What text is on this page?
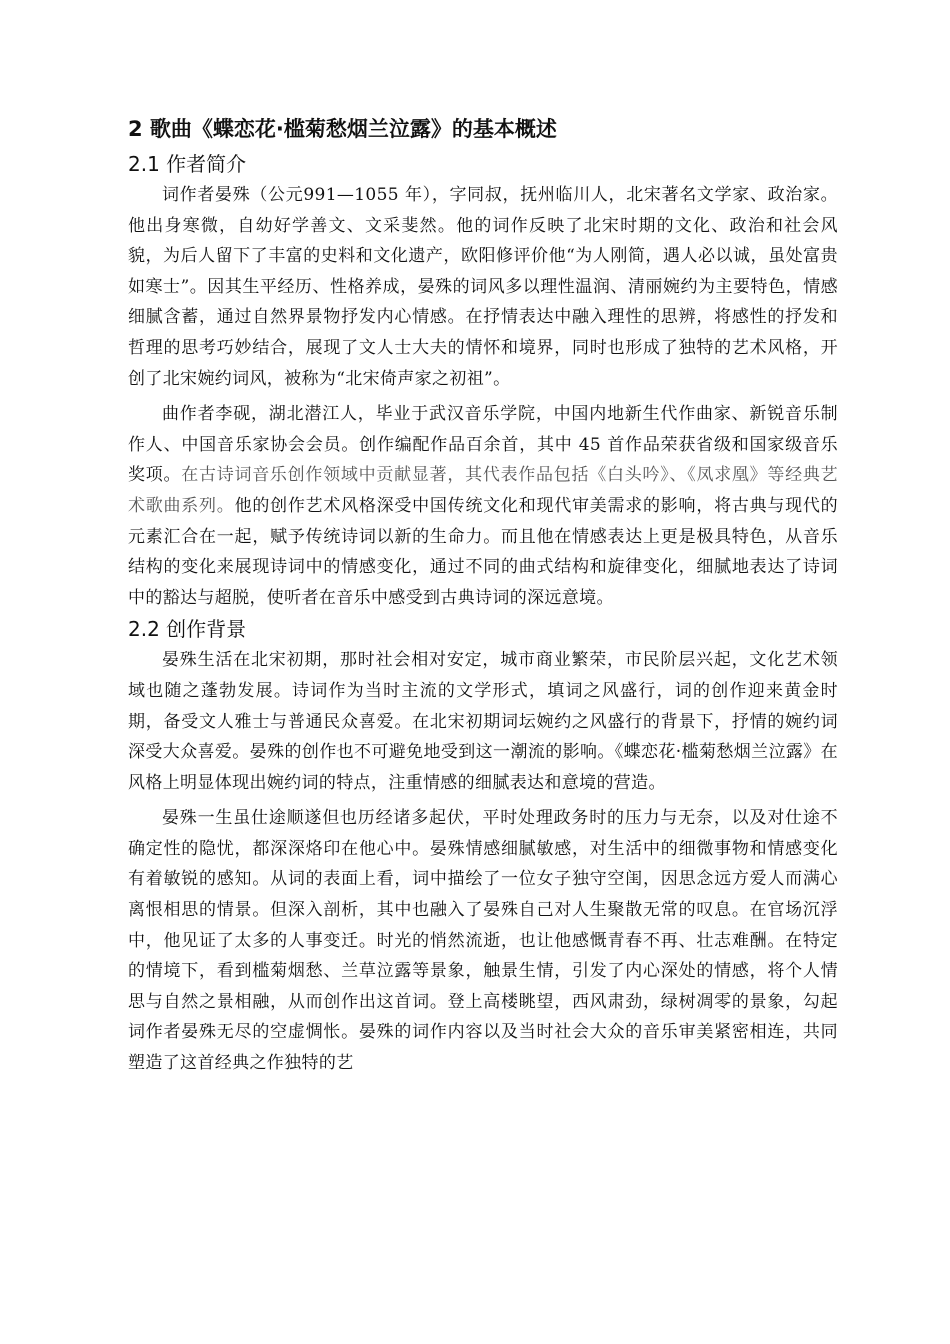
2 歌曲《蝶恋花·槛菊愁烟兰泣露》的基本概述
2.1 作者简介

词作者晏殊（公元991—1055 年），字同叔，抚州临川人，北宋著名文学家、政治家。他出身寒微，自幼好学善文、文采斐然。他的词作反映了北宋时期的文化、政治和社会风貌，为后人留下了丰富的史料和文化遗产，欧阳修评价他“为人刚简，遇人必以诚，虽处富贵如寒士”。因其生平经历、性格养成，晏殊的词风多以理性温润、清丽婉约为主要特色，情感细腻含蓄，通过自然界景物抒发内心情感。在抒情表达中融入理性的思辨，将感性的抒发和哲理的思考巧妙结合，展现了文人士大夫的情怀和境界，同时也形成了独特的艺术风格，开创了北宋婉约词风，被称为“北宋倚声家之初祖”。

曲作者李砚，湖北潜江人，毕业于武汉音乐学院，中国内地新生代作曲家、新锐音乐制作人、中国音乐家协会会员。创作编配作品百余首，其中 45 首作品荣获省级和国家级音乐奖项。在古诗词音乐创作领域中贡献显著，其代表作品包括《白头吟》、《凤求凰》等经典艺术歌曲系列。他的创作艺术风格深受中国传统文化和现代审美需求的影响，将古典与现代的元素汇合在一起，赋予传统诗词以新的生命力。而且他在情感表达上更是极具特色，从音乐结构的变化来展现诗词中的情感变化，通过不同的曲式结构和旋律变化，细腻地表达了诗词中的豁达与超脱，使听者在音乐中感受到古典诗词的深远意境。

2.2 创作背景

晏殊生活在北宋初期，那时社会相对安定，城市商业繁荣，市民阶层兴起，文化艺术领域也随之蓬勃发展。诗词作为当时主流的文学形式，填词之风盛行，词的创作迎来黄金时期，备受文人雅士与普通民众喜爱。在北宋初期词坛婉约之风盛行的背景下，抒情的婉约词深受大众喜爱。晏殊的创作也不可避免地受到这一潮流的影响。《蝶恋花·槛菊愁烟兰泣露》在风格上明显体现出婉约词的特点，注重情感的细腻表达和意境的营造。

晏殊一生虽仕途顺遂但也历经诸多起伏，平时处理政务时的压力与无奈，以及对仕途不确定性的隐忧，都深深烙印在他心中。晏殊情感细腻敏感，对生活中的细微事物和情感变化有着敏锐的感知。从词的表面上看，词中描绘了一位女子独守空闺，因思念远方爱人而满心离恨相思的情景。但深入剖析，其中也融入了晏殊自己对人生聚散无常的叹息。在官场沉浮中，他见证了太多的人事变迁。时光的悄然流逝，也让他感慨青春不再、壮志难酬。在特定的情境下，看到槛菊烟愁、兰草泣露等景象，触景生情，引发了内心深处的情感，将个人情思与自然之景相融，从而创作出这首词。登上高楼眺望，西风肃劲，绿树凋零的景象，勾起词作者晏殊无尽的空虚惆怅。晏殊的词作内容以及当时社会大众的音乐审美紧密相连，共同塑造了这首经典之作独特的艺
